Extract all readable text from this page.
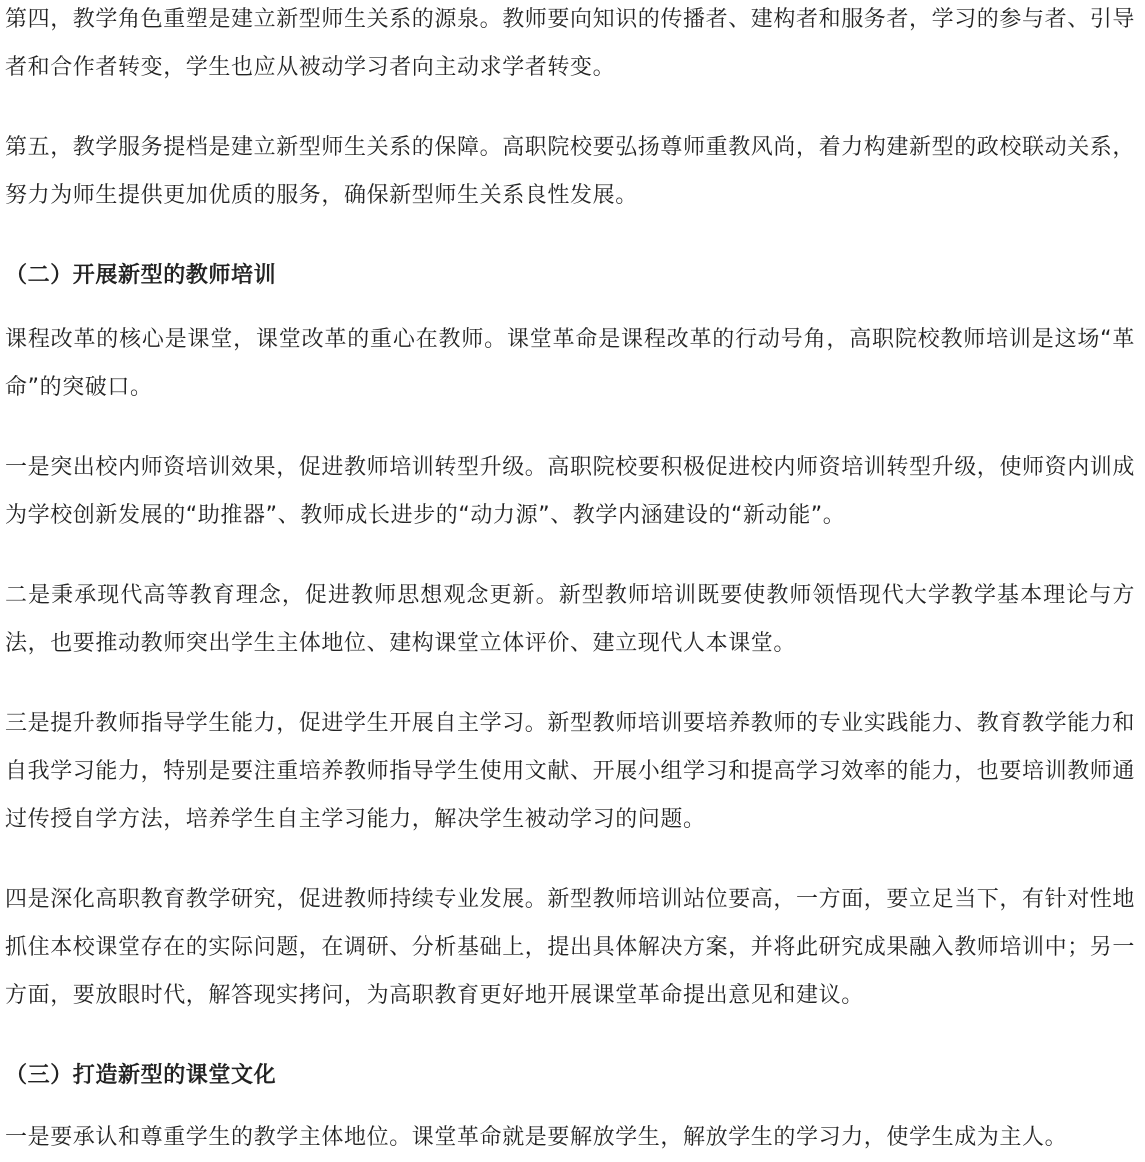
第四，教学角色重塑是建立新型师生关系的源泉。教师要向知识的传播者、建构者和服务者，学习的参与者、引导者和合作者转变，学生也应从被动学习者向主动求学者转变。

第五，教学服务提档是建立新型师生关系的保障。高职院校要弘扬尊师重教风尚，着力构建新型的政校联动关系，努力为师生提供更加优质的服务，确保新型师生关系良性发展。

（二）开展新型的教师培训

课程改革的核心是课堂，课堂改革的重心在教师。课堂革命是课程改革的行动号角，高职院校教师培训是这场“革命”的突破口。

一是突出校内师资培训效果，促进教师培训转型升级。高职院校要积极促进校内师资培训转型升级，使师资内训成为学校创新发展的“助推器”、教师成长进步的“动力源”、教学内涵建设的“新动能”。

二是秉承现代高等教育理念，促进教师思想观念更新。新型教师培训既要使教师领悟现代大学教学基本理论与方法，也要推动教师突出学生主体地位、建构课堂立体评价、建立现代人本课堂。

三是提升教师指导学生能力，促进学生开展自主学习。新型教师培训要培养教师的专业实践能力、教育教学能力和自我学习能力，特别是要注重培养教师指导学生使用文献、开展小组学习和提高学习效率的能力，也要培训教师通过传授自学方法，培养学生自主学习能力，解决学生被动学习的问题。

四是深化高职教育教学研究，促进教师持续专业发展。新型教师培训站位要高，一方面，要立足当下，有针对性地抓住本校课堂存在的实际问题，在调研、分析基础上，提出具体解决方案，并将此研究成果融入教师培训中；另一方面，要放眼时代，解答现实拷问，为高职教育更好地开展课堂革命提出意见和建议。

（三）打造新型的课堂文化

一是要承认和尊重学生的教学主体地位。课堂革命就是要解放学生，解放学生的学习力，使学生成为主人。
